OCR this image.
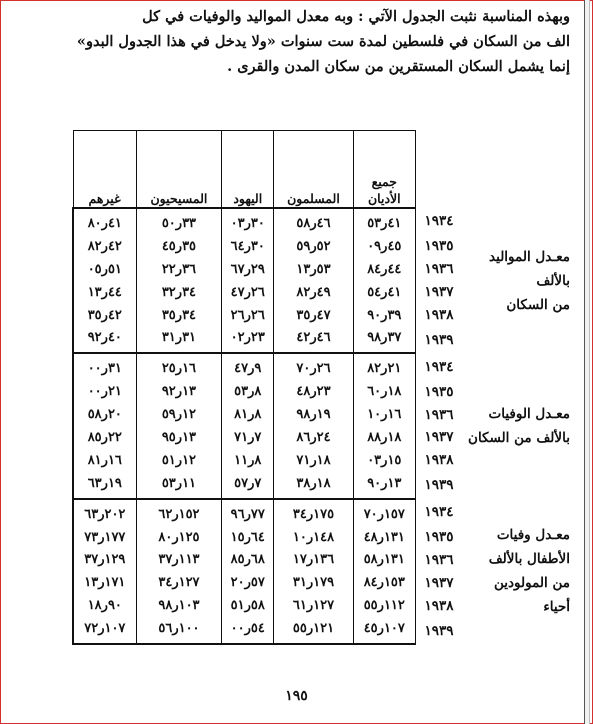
وبهذه المناسبة نثبت الجدول الآتي : وبه معدل المواليد والوفيات في كل
الف من السكان في فلسطين لمدة ست سنوات «ولا يدخل في هذا الجدول البدو»
إنما يشمل السكان المستقرين من سكان المدن والقرى .

		جميع
الأديان	المسلمون	اليهود	المسيحيون	غيرهم

معـدل المواليد
بالألف
من السكان	١٩٣٤	٤١ر٥٣	٤٦ر٥٨	٣٠ر٠٣	٣٣ر٥٠	٤١ر٨٠
	١٩٣٥	٤٥ر٠٩	٥٢ر٥٩	٣٠ر٦٤	٣٥ر٤٥	٤٢ر٨٢
	١٩٣٦	٤٤ر٨٤	٥٣ر١٣	٢٩ر٦٧	٣٦ر٢٢	٥١ر٠٥
	١٩٣٧	٤١ر٥٤	٤٩ر٨٢	٢٦ر٤٧	٣٤ر٣٢	٤٤ر١٣
	١٩٣٨	٣٩ر٩٠	٤٧ر٣٥	٢٦ر٢٦	٣٤ر٣٥	٤٢ر٣٥
	١٩٣٩	٣٧ر٩٨	٤٦ر٤٢	٢٣ر٠٢	٣١ر٣١	٤٠ر٩٢

معـدل الوفيات
بالألف من السكان	١٩٣٤	٢١ر٨٢	٢٦ر٧٠	٩ر٤٧	١٦ر٢٥	٣١ر٠٠
	١٩٣٥	١٨ر٦٠	٢٣ر٤٨	٨ر٥٣	١٣ر٩٢	٢١ر٠٠
	١٩٣٦	١٦ر١٠	١٩ر٩٨	٨ر٨١	١٢ر٥٩	٢٠ر٥٨
	١٩٣٧	١٨ر٨٨	٢٤ر٨٦	٧ر٧١	١٣ر٩٥	٢٢ر٨٥
	١٩٣٨	١٥ر٠٣	١٨ر٧١	٨ر١١	١٢ر٥١	١٦ر٨١
	١٩٣٩	١٣ر٩٠	١٨ر٣٨	٧ر٥٧	١١ر٥٣	١٩ر٦٣

معـدل وفيات
الأطفال بالألف
من المولودين
أحياء	١٩٣٤	١٥٧ر٧٠	١٧٥ر٣٤	٧٧ر٩٦	١٥٢ر٦٢	٢٠٢ر٦٣
	١٩٣٥	١٣١ر٤٨	١٤٨ر١٠	٦٤ر١٥	١٢٥ر٨٠	١٧٧ر٧٣
	١٩٣٦	١٣١ر٥٨	١٣٦ر١٧	٦٨ر٨٥	١١٣ر٣٧	١٢٩ر٣٧
	١٩٣٧	١٥٣ر٨٤	١٧٩ر٣١	٥٧ر٢٠	١٢٧ر٣٤	١٧١ر١٣
	١٩٣٨	١١٢ر٥٥	١٢٧ر٦١	٥٨ر٥١	١٠٣ر٩٨	٩٠ر١٨
	١٩٣٩	١٠٧ر٤٥	١٢١ر٥٥	٥٤ر٠٠	١٠٠ر٥٦	١٠٧ر٧٢
١٩٥
